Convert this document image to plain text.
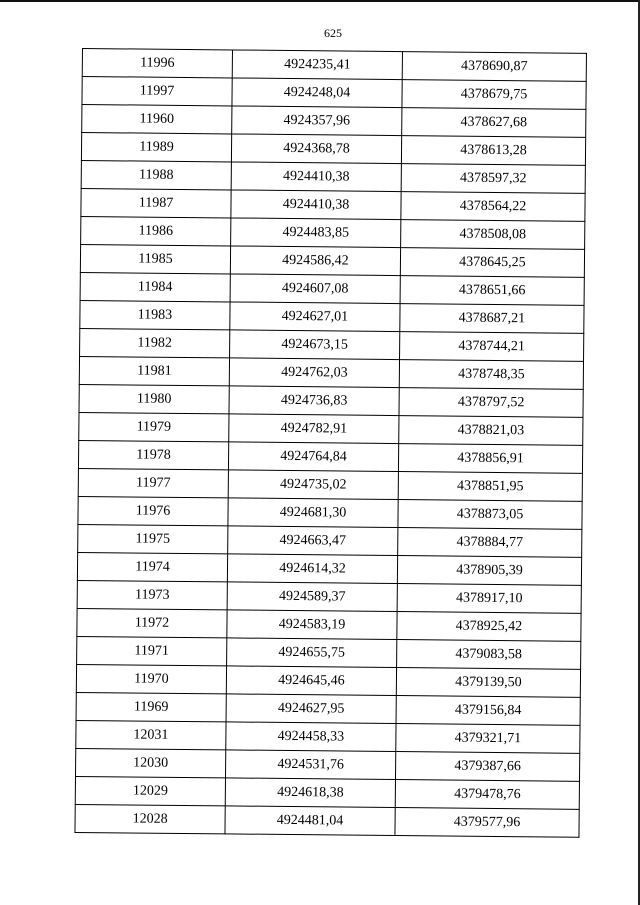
625
11996	4924235,41	4378690,87
11997	4924248,04	4378679,75
11960	4924357,96	4378627,68
11989	4924368,78	4378613,28
11988	4924410,38	4378597,32
11987	4924410,38	4378564,22
11986	4924483,85	4378508,08
11985	4924586,42	4378645,25
11984	4924607,08	4378651,66
11983	4924627,01	4378687,21
11982	4924673,15	4378744,21
11981	4924762,03	4378748,35
11980	4924736,83	4378797,52
11979	4924782,91	4378821,03
11978	4924764,84	4378856,91
11977	4924735,02	4378851,95
11976	4924681,30	4378873,05
11975	4924663,47	4378884,77
11974	4924614,32	4378905,39
11973	4924589,37	4378917,10
11972	4924583,19	4378925,42
11971	4924655,75	4379083,58
11970	4924645,46	4379139,50
11969	4924627,95	4379156,84
12031	4924458,33	4379321,71
12030	4924531,76	4379387,66
12029	4924618,38	4379478,76
12028	4924481,04	4379577,96
